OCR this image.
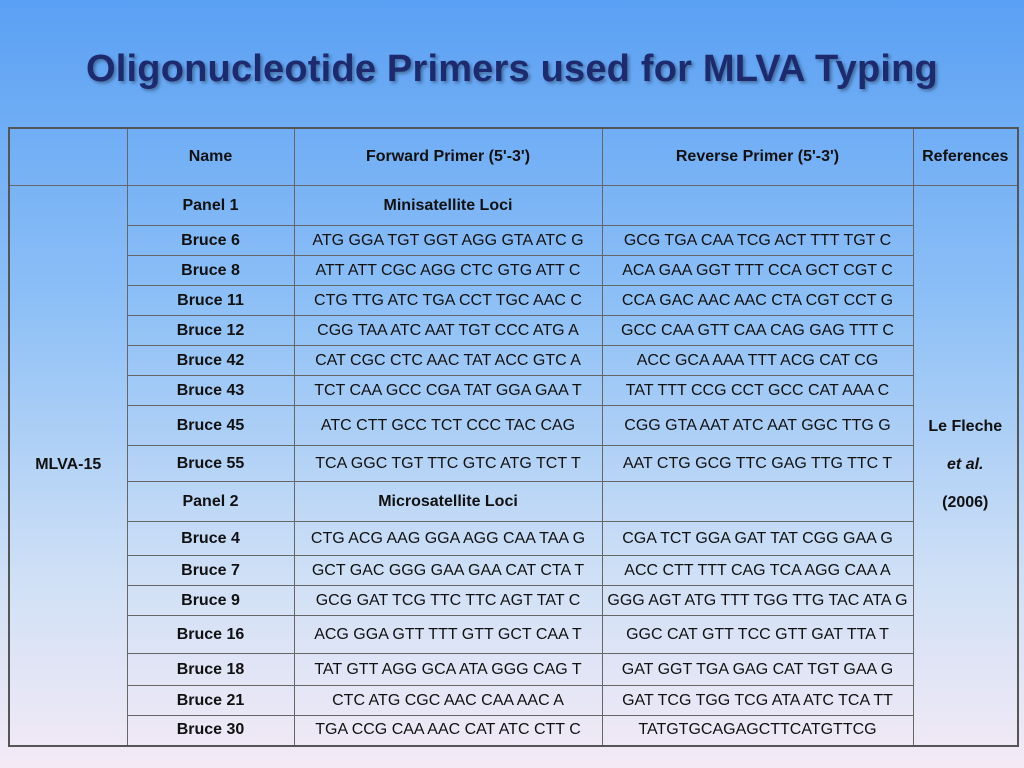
Oligonucleotide Primers used for MLVA Typing
	Name	Forward Primer (5'-3')	Reverse Primer (5'-3')	References
MLVA-15	Panel 1	Minisatellite Loci		Le Fleche
et al.
(2006)

	Bruce 6	ATG GGA TGT GGT AGG GTA ATC G	GCG TGA CAA TCG ACT TTT TGT C	
	Bruce 8	ATT ATT CGC AGG CTC GTG ATT C	ACA GAA GGT TTT CCA GCT CGT C	
	Bruce 11	CTG TTG ATC TGA CCT TGC AAC C	CCA GAC AAC AAC CTA CGT CCT G	
	Bruce 12	CGG TAA ATC AAT TGT CCC ATG A	GCC CAA GTT CAA CAG GAG TTT C	
	Bruce 42	CAT CGC CTC AAC TAT ACC GTC A	ACC GCA AAA TTT ACG CAT CG	
	Bruce 43	TCT CAA GCC CGA TAT GGA GAA T	TAT TTT CCG CCT GCC CAT AAA C	
	Bruce 45	ATC CTT GCC TCT CCC TAC CAG	CGG GTA AAT ATC AAT GGC TTG G	
	Bruce 55	TCA GGC TGT TTC GTC ATG TCT T	AAT CTG GCG TTC GAG TTG TTC T	
	Panel 2	Microsatellite Loci		
	Bruce 4	CTG ACG AAG GGA AGG CAA TAA G	CGA TCT GGA GAT TAT CGG GAA G	
	Bruce 7	GCT GAC GGG GAA GAA CAT CTA T	ACC CTT TTT CAG TCA AGG CAA A	
	Bruce 9	GCG GAT TCG TTC TTC AGT TAT C	GGG AGT ATG TTT TGG TTG TAC ATA G	
	Bruce 16	ACG GGA GTT TTT GTT GCT CAA T	GGC CAT GTT TCC GTT GAT TTA T	
	Bruce 18	TAT GTT AGG GCA ATA GGG CAG T	GAT GGT TGA GAG CAT TGT GAA G	
	Bruce 21	CTC ATG CGC AAC CAA AAC A	GAT TCG TGG TCG ATA ATC TCA TT	
	Bruce 30	TGA CCG CAA AAC CAT ATC CTT C	TATGTGCAGAGCTTCATGTTCG	
